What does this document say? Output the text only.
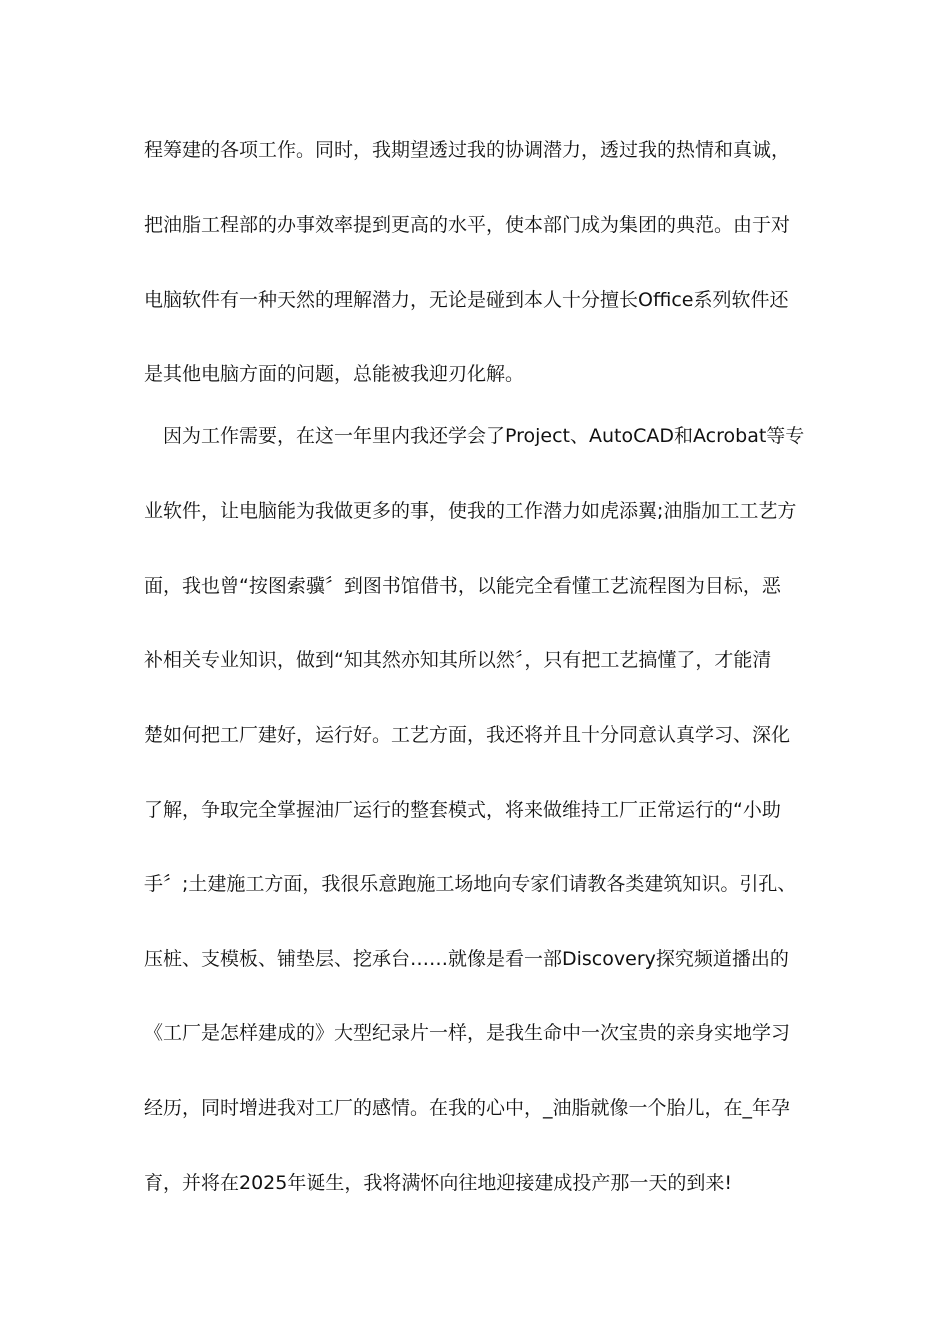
程筹建的各项工作。同时，我期望透过我的协调潜力，透过我的热情和真诚，
把油脂工程部的办事效率提到更高的水平，使本部门成为集团的典范。由于对
电脑软件有一种天然的理解潜力，无论是碰到本人十分擅长Office系列软件还
是其他电脑方面的问题，总能被我迎刃化解。
因为工作需要，在这一年里内我还学会了Project、AutoCAD和Acrobat等专
业软件，让电脑能为我做更多的事，使我的工作潜力如虎添翼;油脂加工工艺方
面，我也曾“按图索骥〞到图书馆借书，以能完全看懂工艺流程图为目标，恶
补相关专业知识，做到“知其然亦知其所以然〞，只有把工艺搞懂了，才能清
楚如何把工厂建好，运行好。工艺方面，我还将并且十分同意认真学习、深化
了解，争取完全掌握油厂运行的整套模式，将来做维持工厂正常运行的“小助
手〞;土建施工方面，我很乐意跑施工场地向专家们请教各类建筑知识。引孔、
压桩、支模板、铺垫层、挖承台……就像是看一部Discovery探究频道播出的
《工厂是怎样建成的》大型纪录片一样，是我生命中一次宝贵的亲身实地学习
经历，同时增进我对工厂的感情。在我的心中，_油脂就像一个胎儿，在_年孕
育，并将在2025年诞生，我将满怀向往地迎接建成投产那一天的到来!
